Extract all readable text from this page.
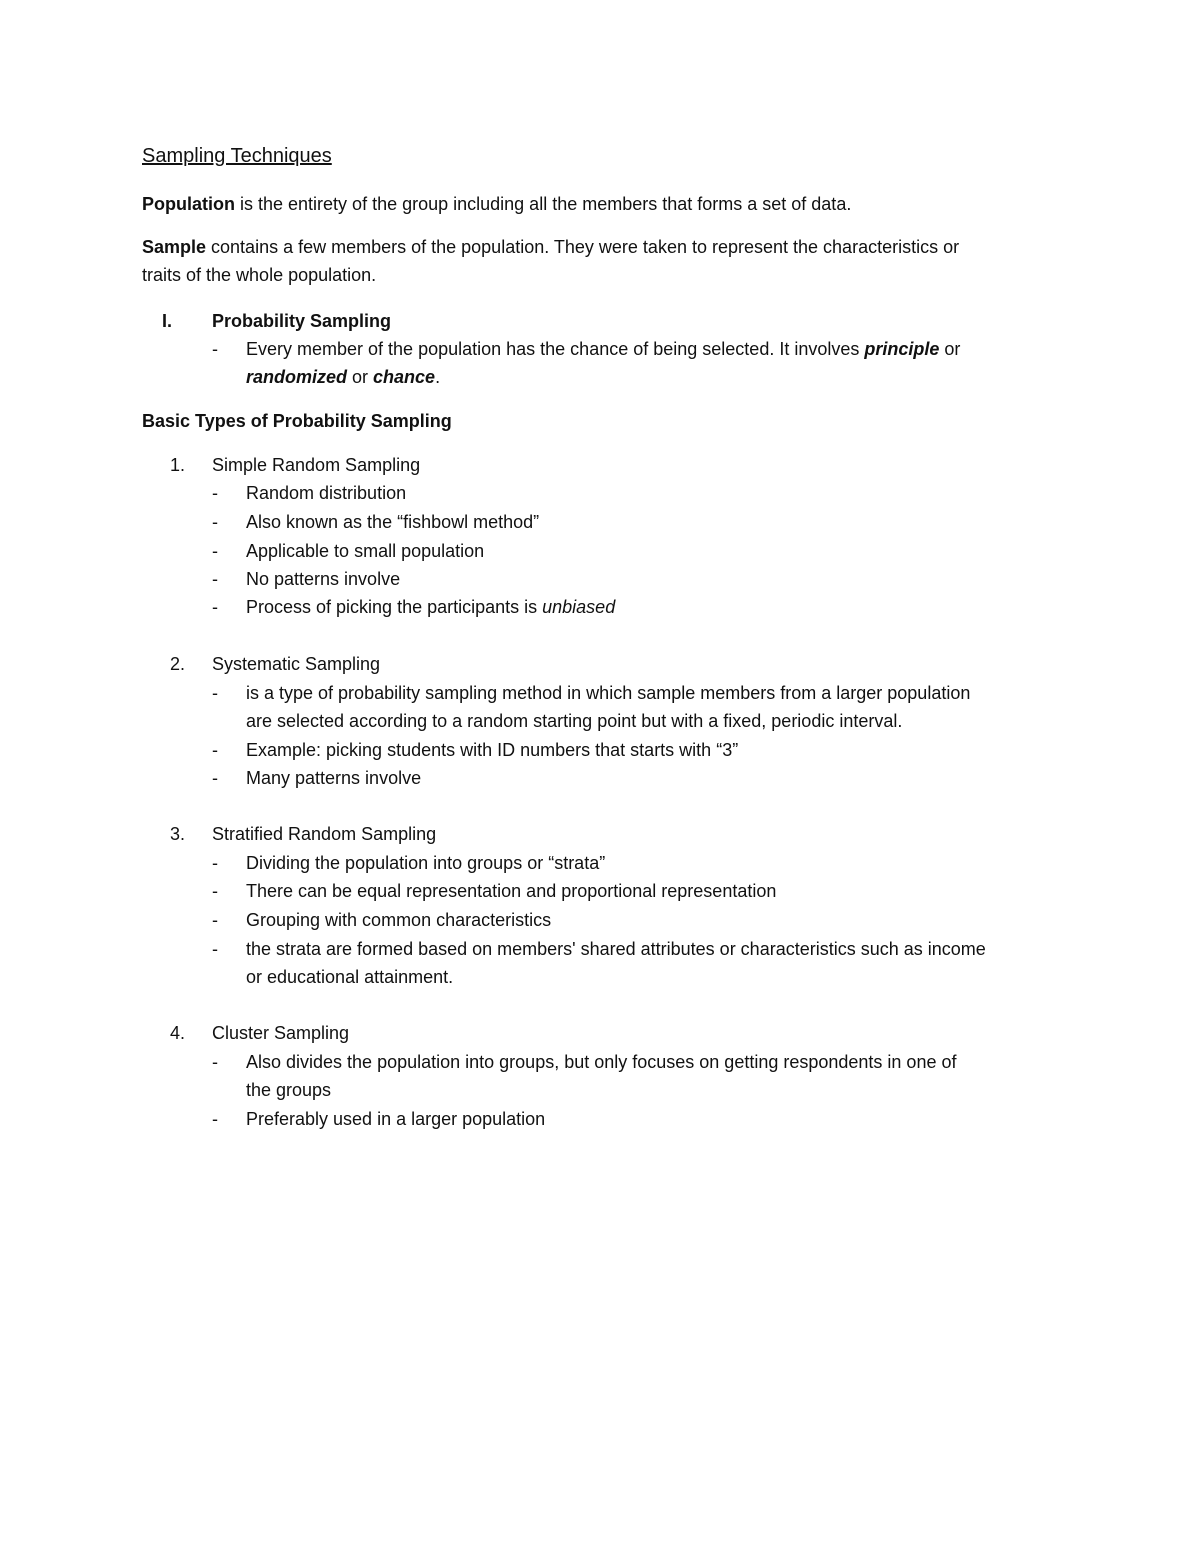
Sampling Techniques
Population is the entirety of the group including all the members that forms a set of data.
Sample contains a few members of the population. They were taken to represent the characteristics or
traits of the whole population.
I. Probability Sampling
- Every member of the population has the chance of being selected. It involves principle or
randomized or chance.
Basic Types of Probability Sampling
1. Simple Random Sampling
- Random distribution
- Also known as the “fishbowl method”
- Applicable to small population
- No patterns involve
- Process of picking the participants is unbiased
2. Systematic Sampling
- is a type of probability sampling method in which sample members from a larger population
are selected according to a random starting point but with a fixed, periodic interval.
- Example: picking students with ID numbers that starts with “3”
- Many patterns involve
3. Stratified Random Sampling
- Dividing the population into groups or “strata”
- There can be equal representation and proportional representation
- Grouping with common characteristics
- the strata are formed based on members' shared attributes or characteristics such as income
or educational attainment.
4. Cluster Sampling
- Also divides the population into groups, but only focuses on getting respondents in one of
the groups
- Preferably used in a larger population
